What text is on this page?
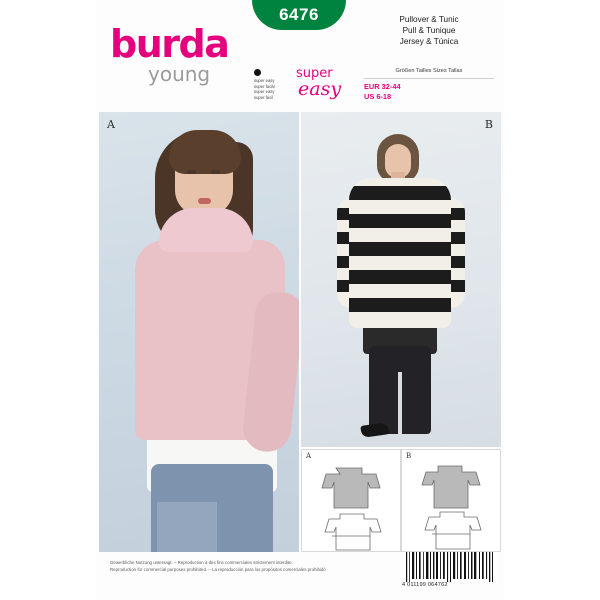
6476
burda
young	super easy
super facile
super easy
super fácil
super
easy
Pullover & Tunic
Pull & Tunique
Jersey & Túnica
Größen Tailles Sizes Tallas
EUR 32-44
US 6-18
A	B
A	B
Gewerbliche Nutzung untersagt. – Reproduction à des fins commerciales strictement interdite.
Reproduction for commercial purposes prohibited. – La reproducción para los propósitos comerciales prohibidó
4 011199 064762
